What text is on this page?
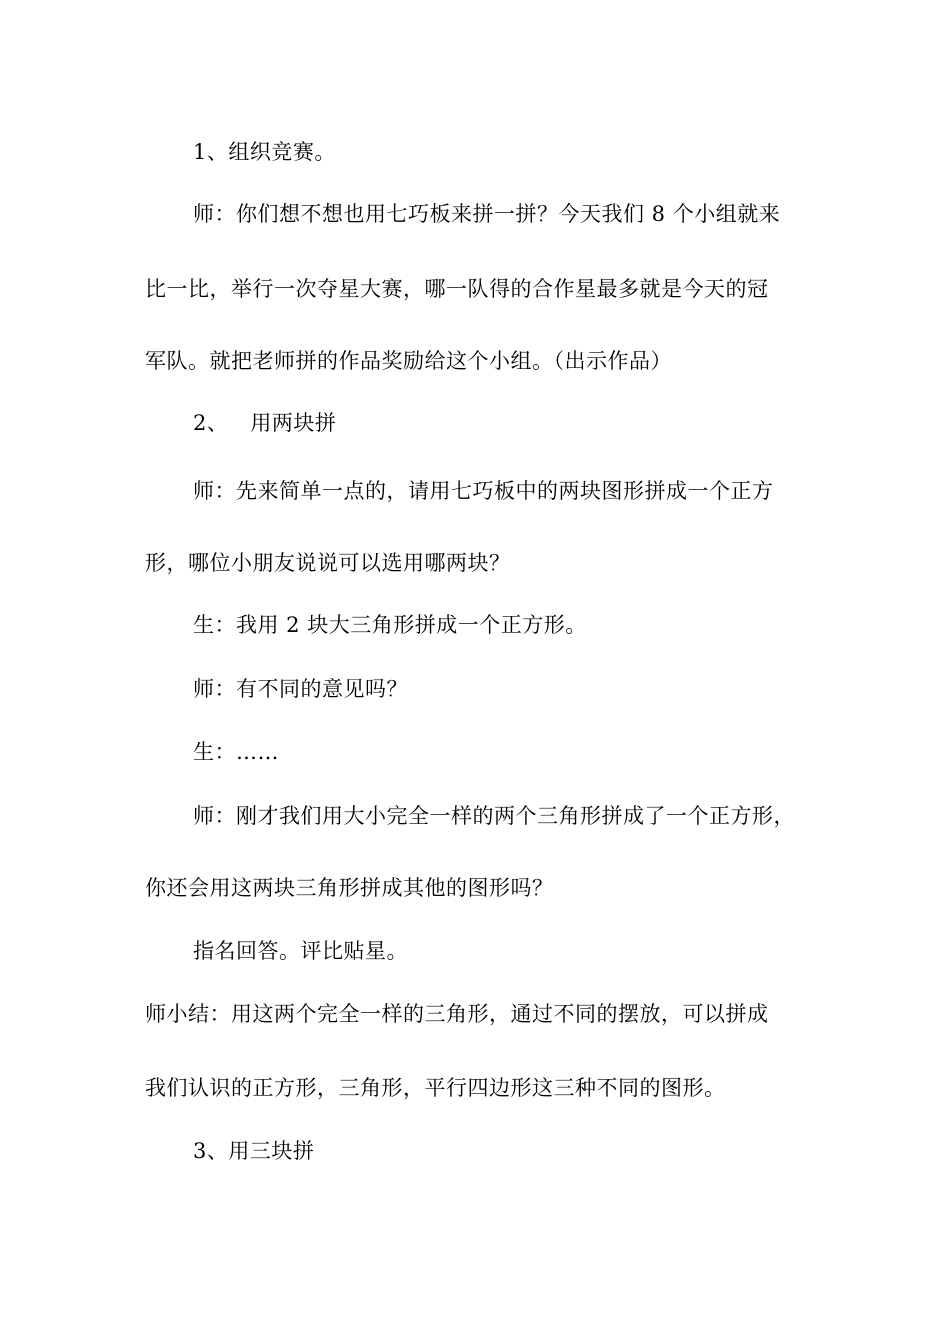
1、组织竞赛。
师：你们想不想也用七巧板来拼一拼？今天我们 8 个小组就来
比一比，举行一次夺星大赛，哪一队得的合作星最多就是今天的冠
军队。就把老师拼的作品奖励给这个小组。（出示作品）
2、 用两块拼
师：先来简单一点的，请用七巧板中的两块图形拼成一个正方
形，哪位小朋友说说可以选用哪两块？
生：我用 2 块大三角形拼成一个正方形。
师：有不同的意见吗？
生：……
师：刚才我们用大小完全一样的两个三角形拼成了一个正方形，
你还会用这两块三角形拼成其他的图形吗？
指名回答。评比贴星。
师小结：用这两个完全一样的三角形，通过不同的摆放，可以拼成
我们认识的正方形，三角形，平行四边形这三种不同的图形。
3、用三块拼
